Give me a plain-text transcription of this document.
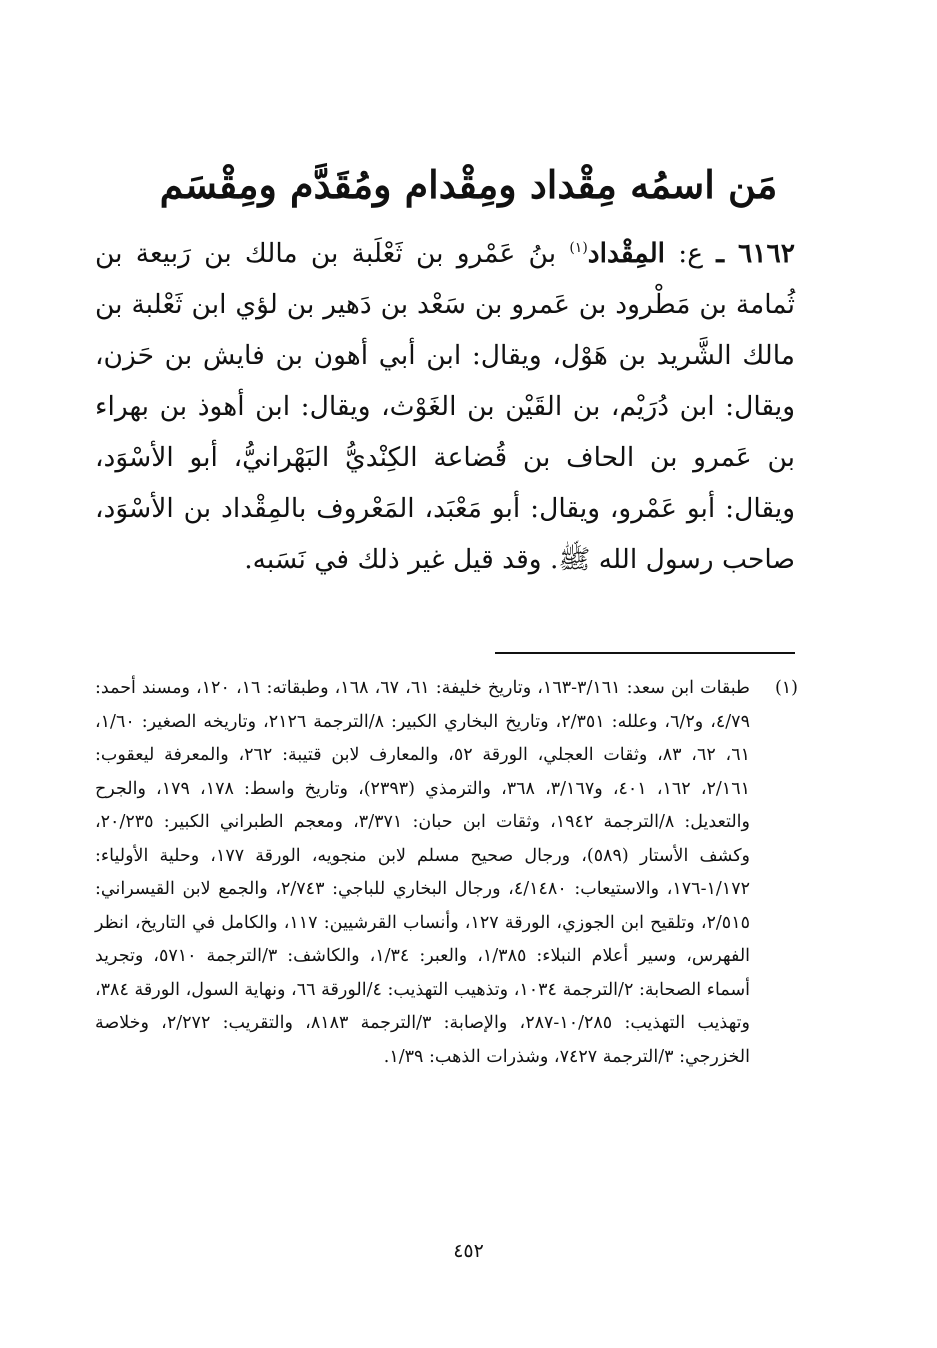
مَن اسمُه مِقْداد ومِقْدام ومُقَدَّم ومِقْسَم

٦١٦٢ ـ ع: المِقْداد$^{(١)}$ بنُ عَمْرو بن ثَعْلَبة بن مالك بن رَبيعة بن ثُمامة بن مَطْرود بن عَمرو بن سَعْد بن دَهير بن لؤي ابن ثَعْلبة بن مالك الشَّريد بن هَوْل، ويقال: ابن أبي أهون بن فايش بن حَزن، ويقال: ابن دُرَيْم، بن القَيْن بن الغَوْث، ويقال: ابن أهوذ بن بهراء بن عَمرو بن الحاف بن قُضاعة الكِنْديُّ البَهْرانيُّ، أبو الأسْوَد، ويقال: أبو عَمْرو، ويقال: أبو مَعْبَد، المَعْروف بالمِقْداد بن الأسْوَد، صاحب رسول الله ﷺ. وقد قيل غير ذلك في نَسَبه.

(١)

طبقات ابن سعد: ٣/١٦١-١٦٣، وتاريخ خليفة: ٦١، ٦٧، ١٦٨، وطبقاته: ١٦، ١٢٠، ومسند أحمد: ٤/٧٩، و٦/٢، وعلله: ٢/٣٥١، وتاريخ البخاري الكبير: ٨/الترجمة ٢١٢٦، وتاريخه الصغير: ١/٦٠، ٦١، ٦٢، ٨٣، وثقات العجلي، الورقة ٥٢، والمعارف لابن قتيبة: ٢٦٢، والمعرفة ليعقوب: ٢/١٦١، ١٦٢، ٤٠١، و٣/١٦٧، ٣٦٨، والترمذي (٢٣٩٣)، وتاريخ واسط: ١٧٨، ١٧٩، والجرح والتعديل: ٨/الترجمة ١٩٤٢، وثقات ابن حبان: ٣/٣٧١، ومعجم الطبراني الكبير: ٢٠/٢٣٥، وكشف الأستار (٥٨٩)، ورجال صحيح مسلم لابن منجويه، الورقة ١٧٧، وحلية الأولياء: ١/١٧٢-١٧٦، والاستيعاب: ٤/١٤٨٠، ورجال البخاري للباجي: ٢/٧٤٣، والجمع لابن القيسراني: ٢/٥١٥، وتلقيح ابن الجوزي، الورقة ١٢٧، وأنساب القرشيين: ١١٧، والكامل في التاريخ، انظر الفهرس، وسير أعلام النبلاء: ١/٣٨٥، والعبر: ١/٣٤، والكاشف: ٣/الترجمة ٥٧١٠، وتجريد أسماء الصحابة: ٢/الترجمة ١٠٣٤، وتذهيب التهذيب: ٤/الورقة ٦٦، ونهاية السول، الورقة ٣٨٤، وتهذيب التهذيب: ١٠/٢٨٥-٢٨٧، والإصابة: ٣/الترجمة ٨١٨٣، والتقريب: ٢/٢٧٢، وخلاصة الخزرجي: ٣/الترجمة ٧٤٢٧، وشذرات الذهب: ١/٣٩.

٤٥٢
